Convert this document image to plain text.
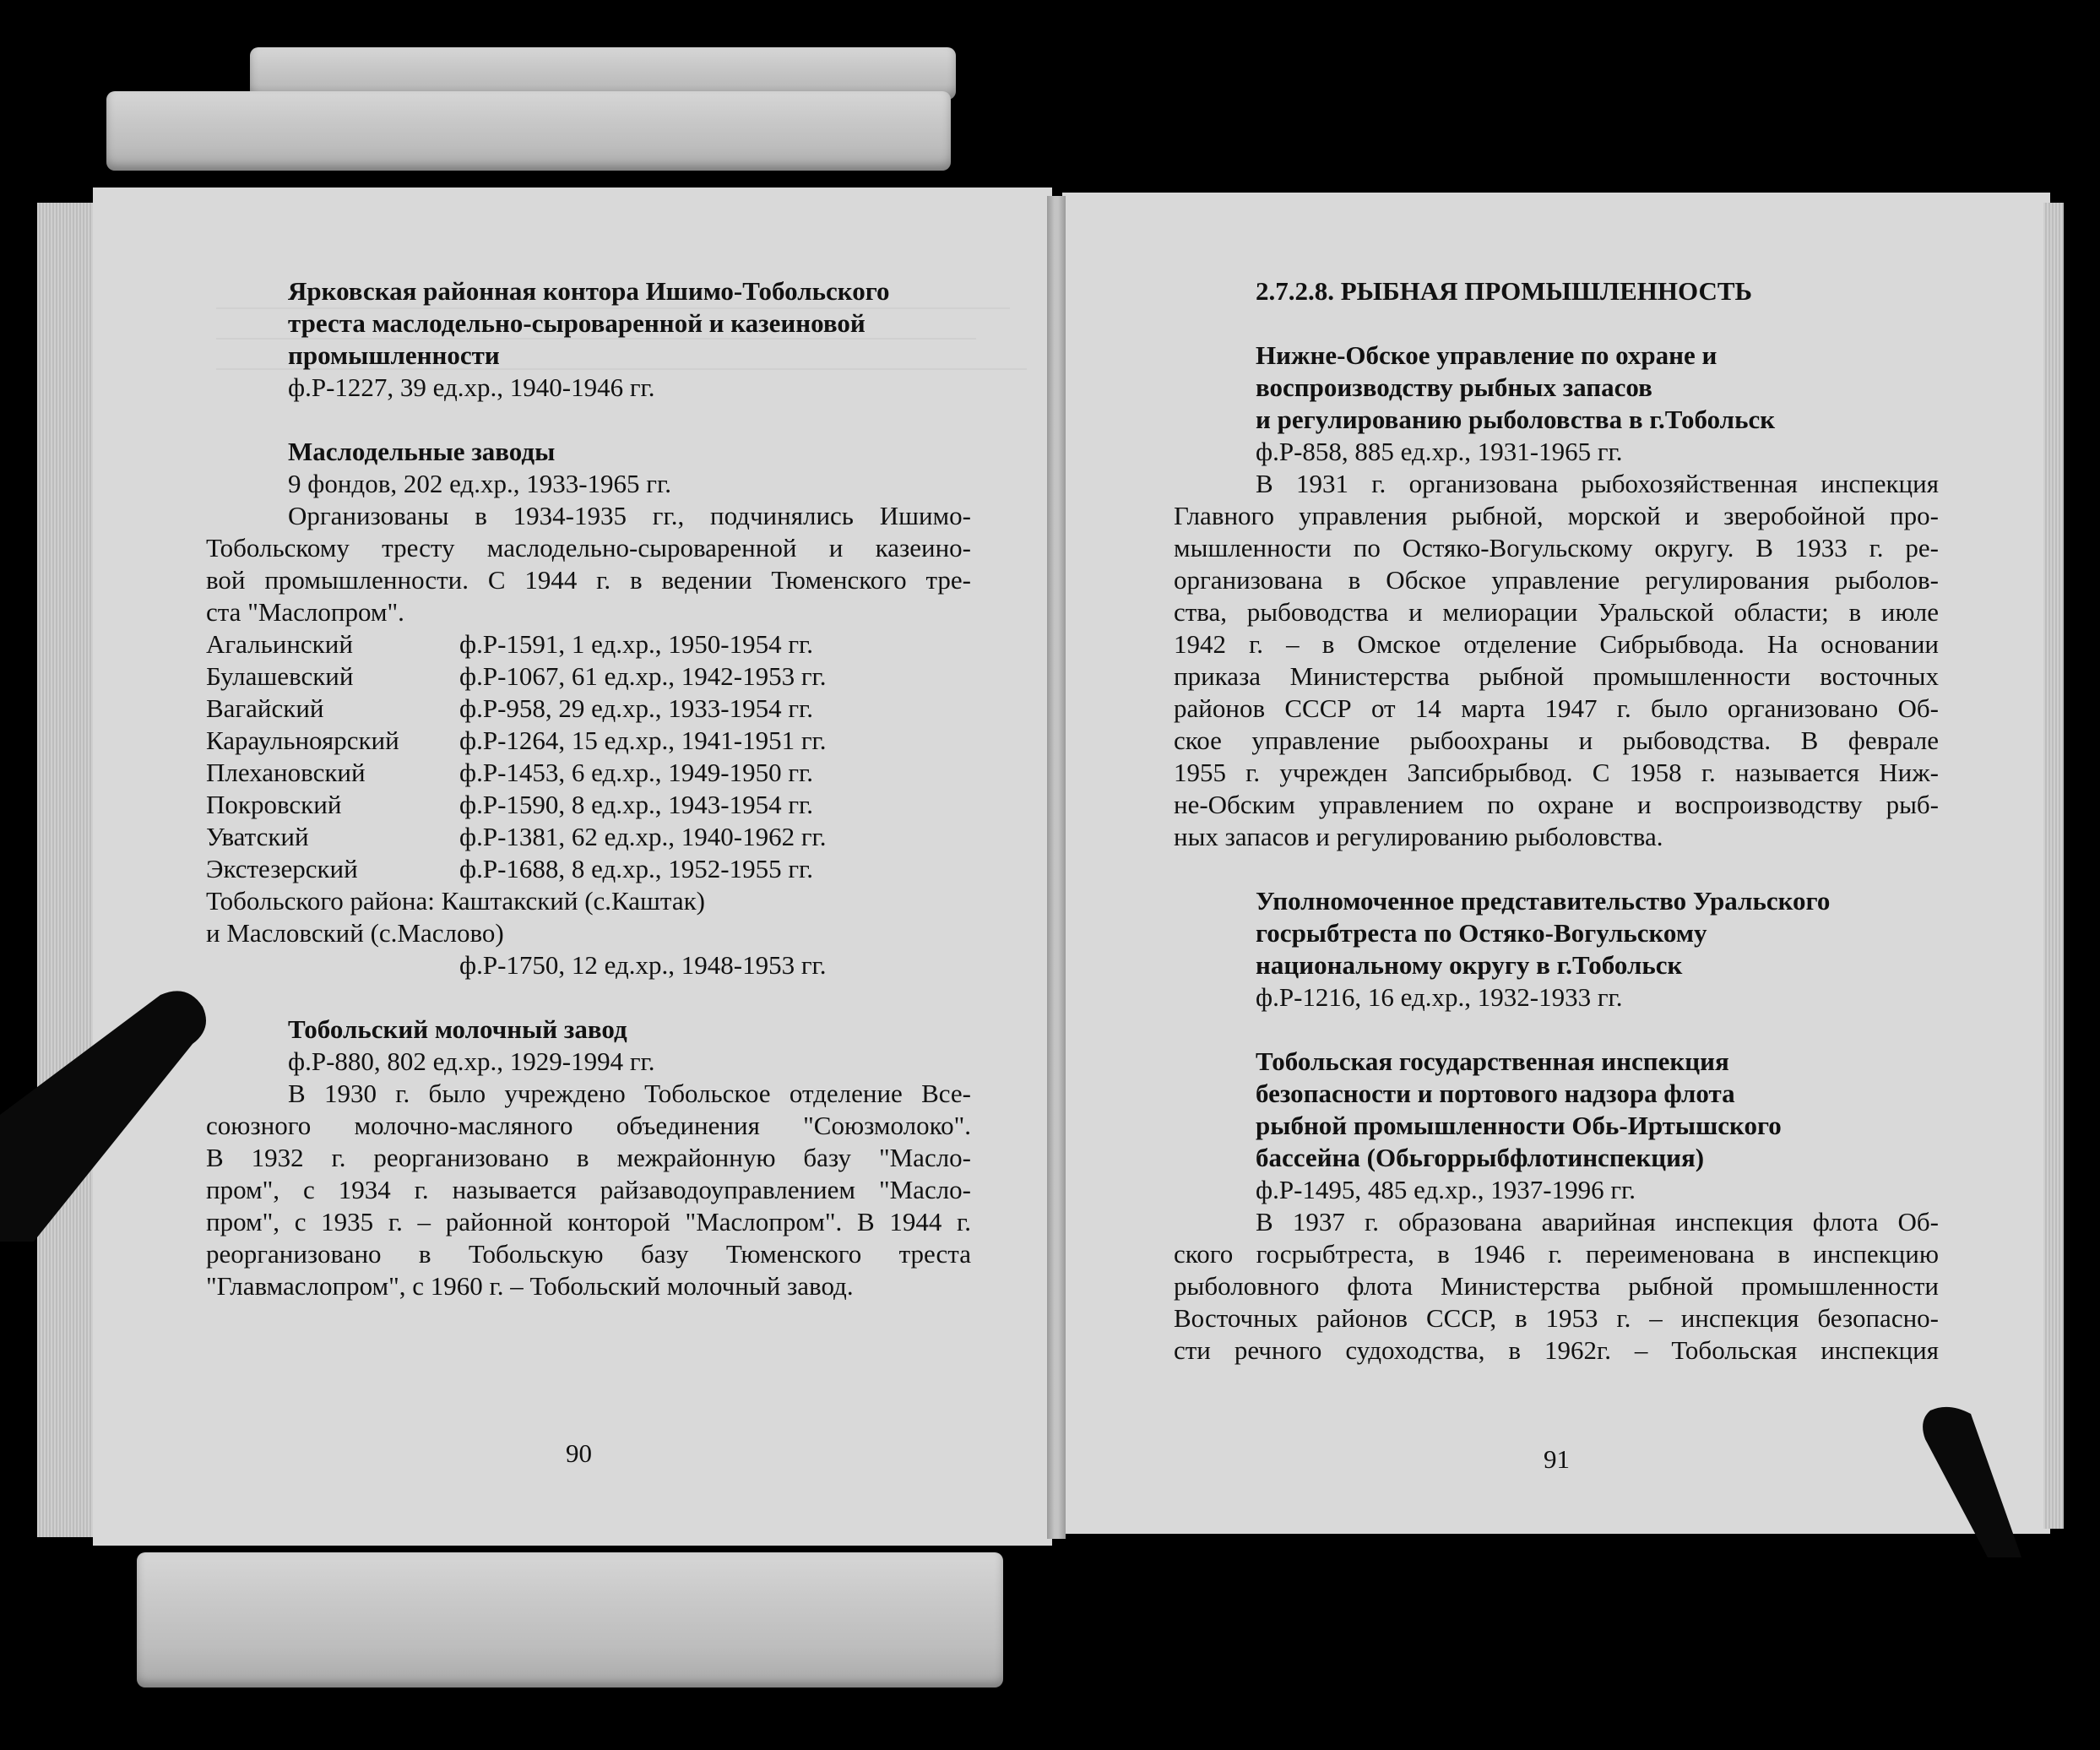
Ярковская районная контора Ишимо-Тобольского

треста маслодельно-сыроваренной и казеиновой

промышленности

ф.Р-1227, 39 ед.хр., 1940-1946 гг.

Маслодельные заводы

9 фондов, 202 ед.хр., 1933-1965 гг.

Организованы в 1934-1935 гг., подчинялись Ишимо-

Тобольскому тресту маслодельно-сыроваренной и казеино-

вой промышленности. С 1944 г. в ведении Тюменского тре-

ста "Маслопром".

Агальинский	ф.Р-1591, 1 ед.хр., 1950-1954 гг.
Булашевский	ф.Р-1067, 61 ед.хр., 1942-1953 гг.
Вагайский	ф.Р-958, 29 ед.хр., 1933-1954 гг.
Караульноярский	ф.Р-1264, 15 ед.хр., 1941-1951 гг.
Плехановский	ф.Р-1453, 6 ед.хр., 1949-1950 гг.
Покровский	ф.Р-1590, 8 ед.хр., 1943-1954 гг.
Уватский	ф.Р-1381, 62 ед.хр., 1940-1962 гг.
Экстезерский	ф.Р-1688, 8 ед.хр., 1952-1955 гг.

Тобольского района: Каштакский (с.Каштак)

и Масловский (с.Маслово)

ф.Р-1750, 12 ед.хр., 1948-1953 гг.

Тобольский молочный завод

ф.Р-880, 802 ед.хр., 1929-1994 гг.

В 1930 г. было учреждено Тобольское отделение Все-

союзного молочно-масляного объединения "Союзмолоко".

В 1932 г. реорганизовано в межрайонную базу "Масло-

пром", с 1934 г. называется райзаводоуправлением "Масло-

пром", с 1935 г. – районной конторой "Маслопром". В 1944 г.

реорганизовано в Тобольскую базу Тюменского треста

"Главмаслопром", с 1960 г. – Тобольский молочный завод.

90

2.7.2.8. РЫБНАЯ ПРОМЫШЛЕННОСТЬ

Нижне-Обское управление по охране и

воспроизводству рыбных запасов

и регулированию рыболовства в г.Тобольск

ф.Р-858, 885 ед.хр., 1931-1965 гг.

В 1931 г. организована рыбохозяйственная инспекция

Главного управления рыбной, морской и зверобойной про-

мышленности по Остяко-Вогульскому округу. В 1933 г. ре-

организована в Обское управление регулирования рыболов-

ства, рыбоводства и мелиорации Уральской области; в июле

1942 г. – в Омское отделение Сибрыбвода. На основании

приказа Министерства рыбной промышленности восточных

районов СССР от 14 марта 1947 г. было организовано Об-

ское управление рыбоохраны и рыбоводства. В феврале

1955 г. учрежден Запсибрыбвод. С 1958 г. называется Ниж-

не-Обским управлением по охране и воспроизводству рыб-

ных запасов и регулированию рыболовства.

Уполномоченное представительство Уральского

госрыбтреста по Остяко-Вогульскому

национальному округу в г.Тобольск

ф.Р-1216, 16 ед.хр., 1932-1933 гг.

Тобольская государственная инспекция

безопасности и портового надзора флота

рыбной промышленности Обь-Иртышского

бассейна (Обьгоррыбфлотинспекция)

ф.Р-1495, 485 ед.хр., 1937-1996 гг.

В 1937 г. образована аварийная инспекция флота Об-

ского госрыбтреста, в 1946 г. переименована в инспекцию

рыболовного флота Министерства рыбной промышленности

Восточных районов СССР, в 1953 г. – инспекция безопасно-

сти речного судоходства, в 1962г. – Тобольская инспекция

91
